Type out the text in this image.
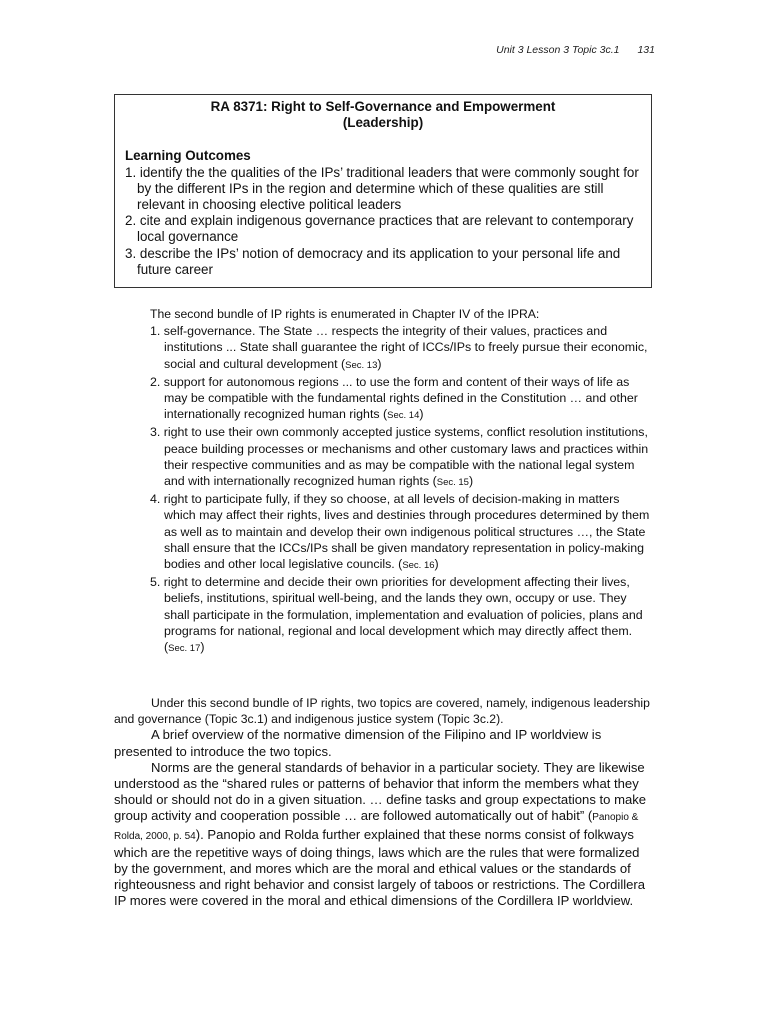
Unit 3 Lesson 3 Topic 3c.1 131
RA 8371: Right to Self-Governance and Empowerment
(Leadership)
Learning Outcomes
1. identify the the qualities of the IPs’ traditional leaders that were commonly sought for by the different IPs in the region and determine which of these qualities are still relevant in choosing elective political leaders
2. cite and explain indigenous governance practices that are relevant to contemporary local governance
3. describe the IPs’ notion of democracy and its application to your personal life and future career
The second bundle of IP rights is enumerated in Chapter IV of the IPRA:
1. self-governance. The State … respects the integrity of their values, practices and institutions ... State shall guarantee the right of ICCs/IPs to freely pursue their economic, social and cultural development (Sec. 13)
2. support for autonomous regions ... to use the form and content of their ways of life as may be compatible with the fundamental rights defined in the Constitution … and other internationally recognized human rights (Sec. 14)
3. right to use their own commonly accepted justice systems, conflict resolution institutions, peace building processes or mechanisms and other customary laws and practices within their respective communities and as may be compatible with the national legal system and with internationally recognized human rights (Sec. 15)
4. right to participate fully, if they so choose, at all levels of decision-making in matters which may affect their rights, lives and destinies through procedures determined by them as well as to maintain and develop their own indigenous political structures …, the State shall ensure that the ICCs/IPs shall be given mandatory representation in policy-making bodies and other local legislative councils. (Sec. 16)
5. right to determine and decide their own priorities for development affecting their lives, beliefs, institutions, spiritual well-being, and the lands they own, occupy or use. They shall participate in the formulation, implementation and evaluation of policies, plans and programs for national, regional and local development which may directly affect them. (Sec. 17)

Under this second bundle of IP rights, two topics are covered, namely, indigenous leadership and governance (Topic 3c.1) and indigenous justice system (Topic 3c.2).

A brief overview of the normative dimension of the Filipino and IP worldview is presented to introduce the two topics.

Norms are the general standards of behavior in a particular society. They are likewise understood as the “shared rules or patterns of behavior that inform the members what they should or should not do in a given situation. … define tasks and group expectations to make group activity and cooperation possible … are followed automatically out of habit” (Panopio & Rolda, 2000, p. 54). Panopio and Rolda further explained that these norms consist of folkways which are the repetitive ways of doing things, laws which are the rules that were formalized by the government, and mores which are the moral and ethical values or the standards of righteousness and right behavior and consist largely of taboos or restrictions. The Cordillera IP mores were covered in the moral and ethical dimensions of the Cordillera IP worldview.
